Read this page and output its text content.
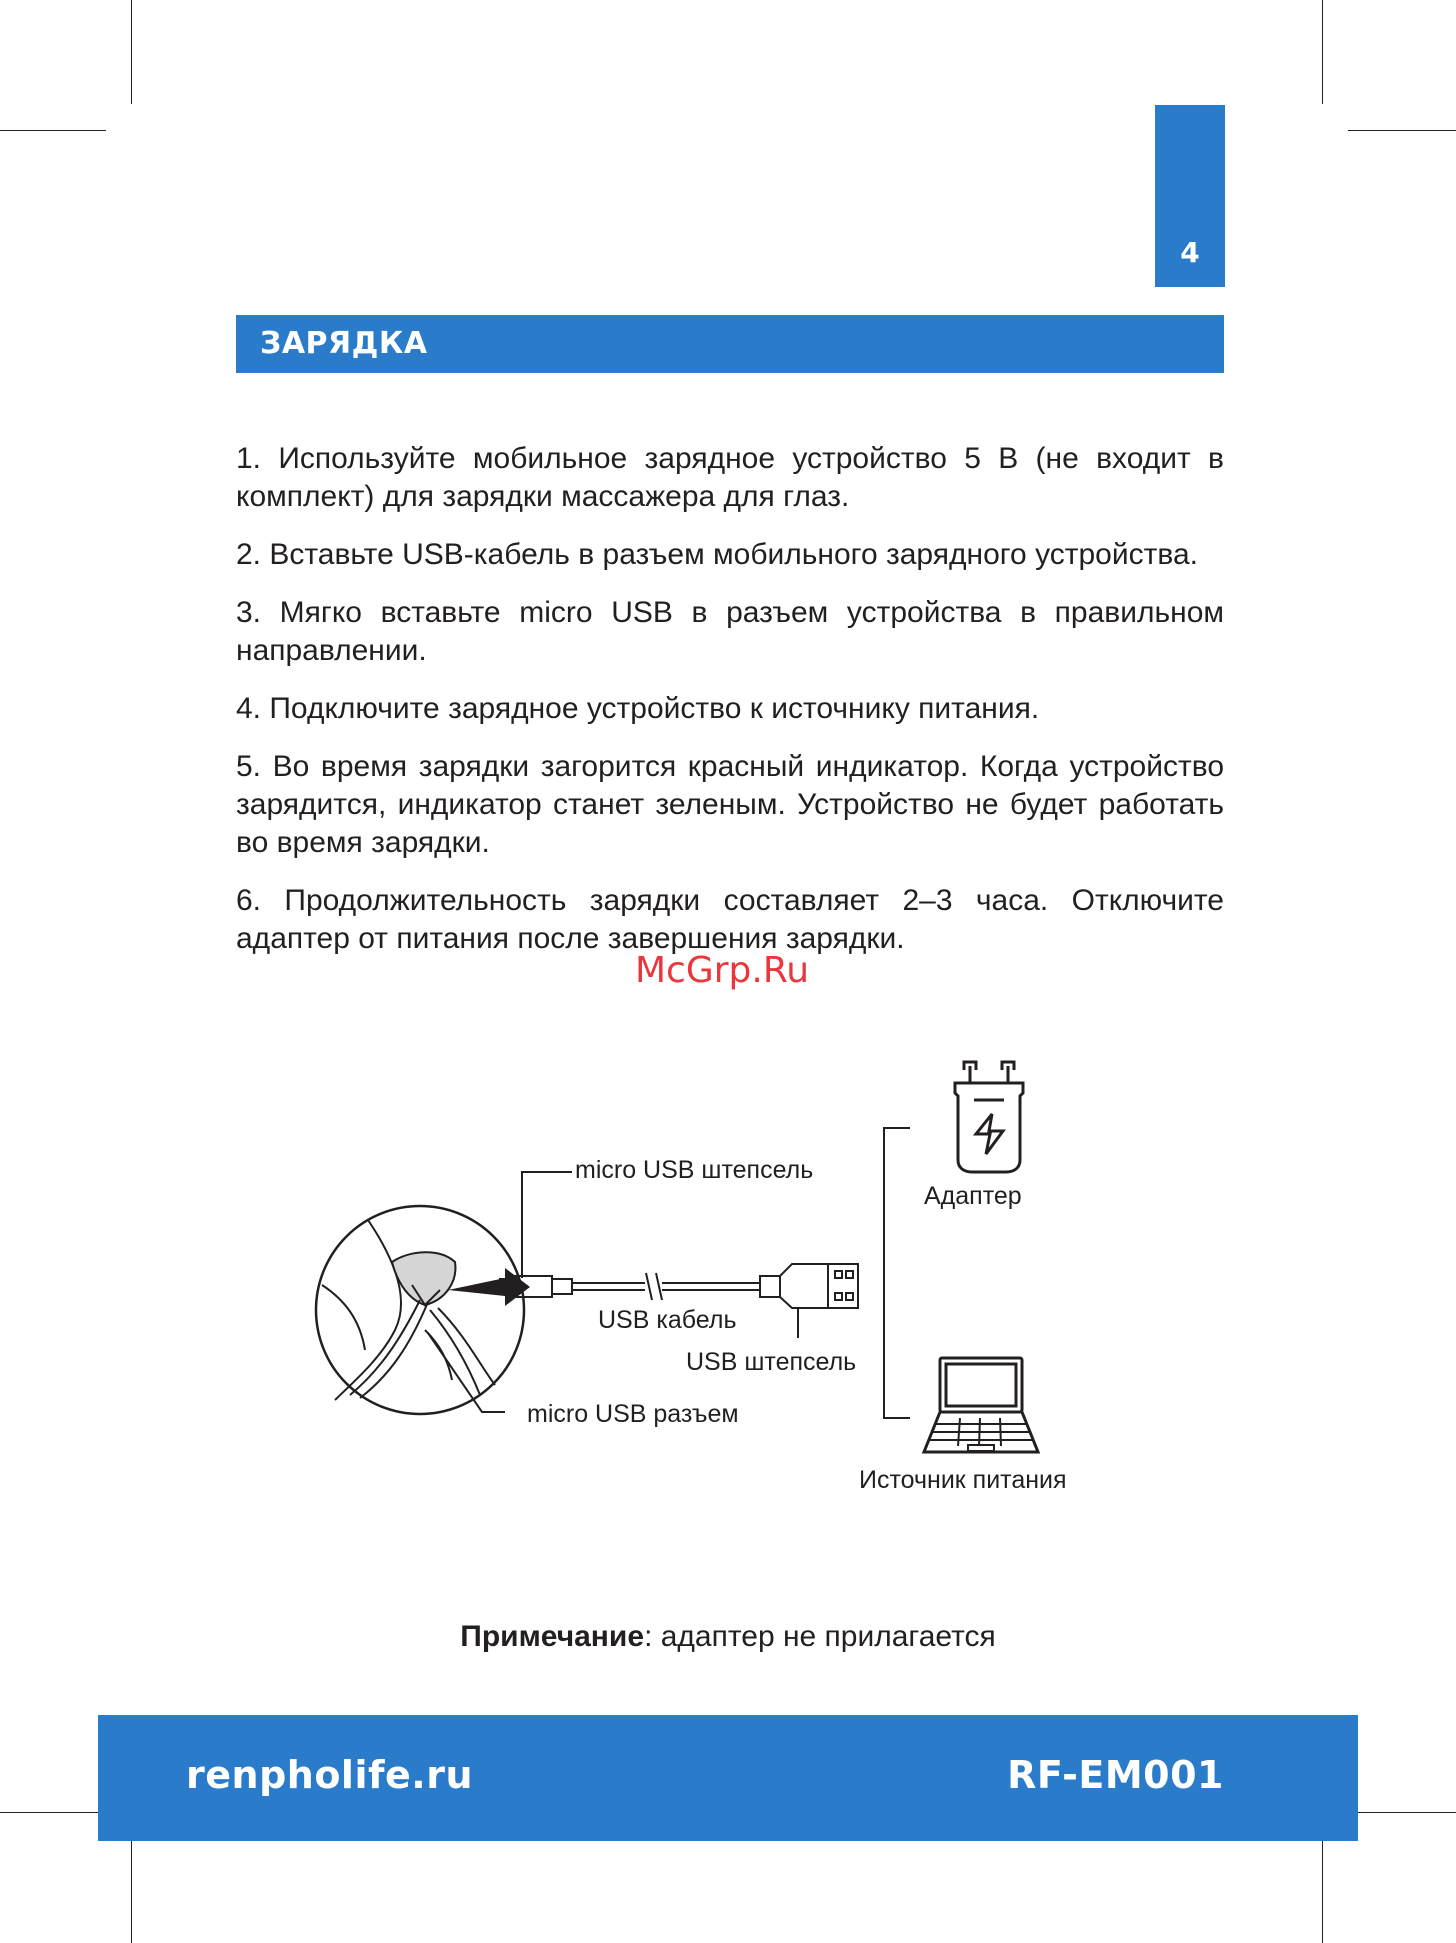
4
ЗАРЯДКА
1. Используйте мобильное зарядное устройство 5 В (не входит в комплект) для зарядки массажера для глаз.
2. Вставьте USB-кабель в разъем мобильного зарядного устройства.
3. Мягко вставьте micro USB в разъем устройства в правильном направлении.
4. Подключите зарядное устройство к источнику питания.
5. Во время зарядки загорится красный индикатор. Когда устройство зарядится, индикатор станет зеленым. Устройство не будет работать во время зарядки.
6. Продолжительность зарядки составляет 2–3 часа. Отключите адаптер от питания после завершения зарядки.
McGrp.Ru
micro USB штепсель
USB кабель
USB штепсель
micro USB разъем
Адаптер
Источник питания
Примечание: адаптер не прилагается
renpholife.ru	RF-EM001
